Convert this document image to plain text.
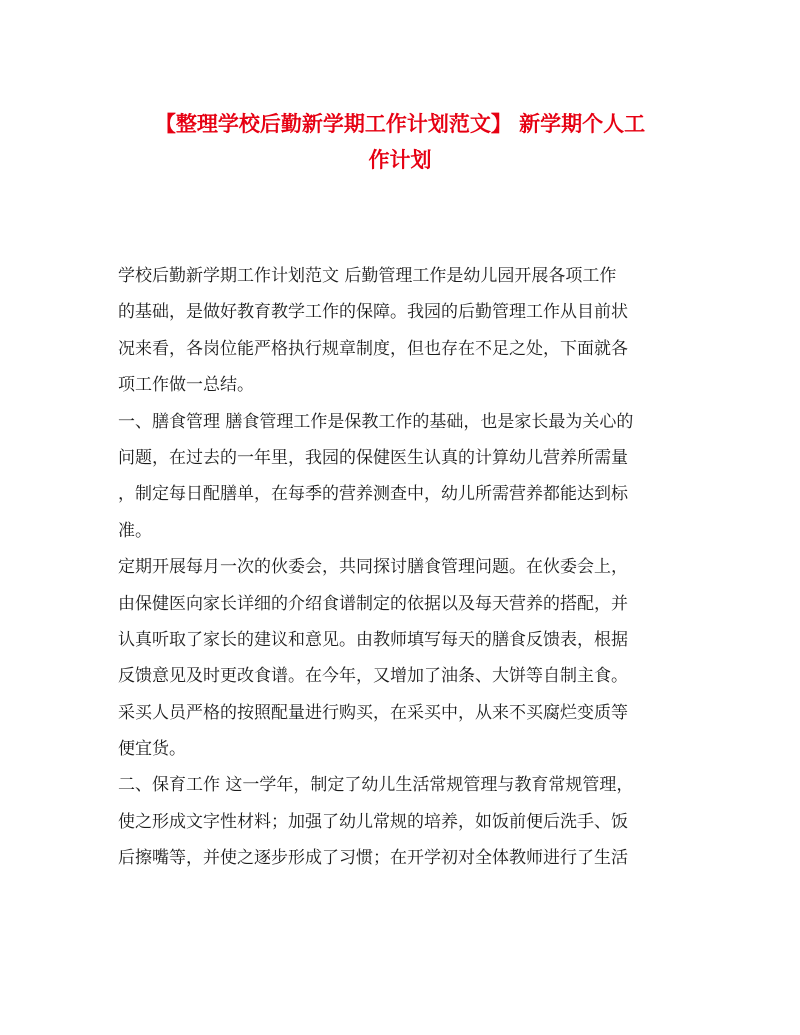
【整理学校后勤新学期工作计划范文】 新学期个人工
作计划
学校后勤新学期工作计划范文 后勤管理工作是幼儿园开展各项工作
的基础，是做好教育教学工作的保障。我园的后勤管理工作从目前状
况来看，各岗位能严格执行规章制度，但也存在不足之处，下面就各
项工作做一总结。
一、膳食管理 膳食管理工作是保教工作的基础，也是家长最为关心的
问题，在过去的一年里，我园的保健医生认真的计算幼儿营养所需量
，制定每日配膳单，在每季的营养测查中，幼儿所需营养都能达到标
准。
定期开展每月一次的伙委会，共同探讨膳食管理问题。在伙委会上，
由保健医向家长详细的介绍食谱制定的依据以及每天营养的搭配，并
认真听取了家长的建议和意见。由教师填写每天的膳食反馈表，根据
反馈意见及时更改食谱。在今年，又增加了油条、大饼等自制主食。
采买人员严格的按照配量进行购买，在采买中，从来不买腐烂变质等
便宜货。
二、保育工作 这一学年，制定了幼儿生活常规管理与教育常规管理，
使之形成文字性材料；加强了幼儿常规的培养，如饭前便后洗手、饭
后擦嘴等，并使之逐步形成了习惯；在开学初对全体教师进行了生活
